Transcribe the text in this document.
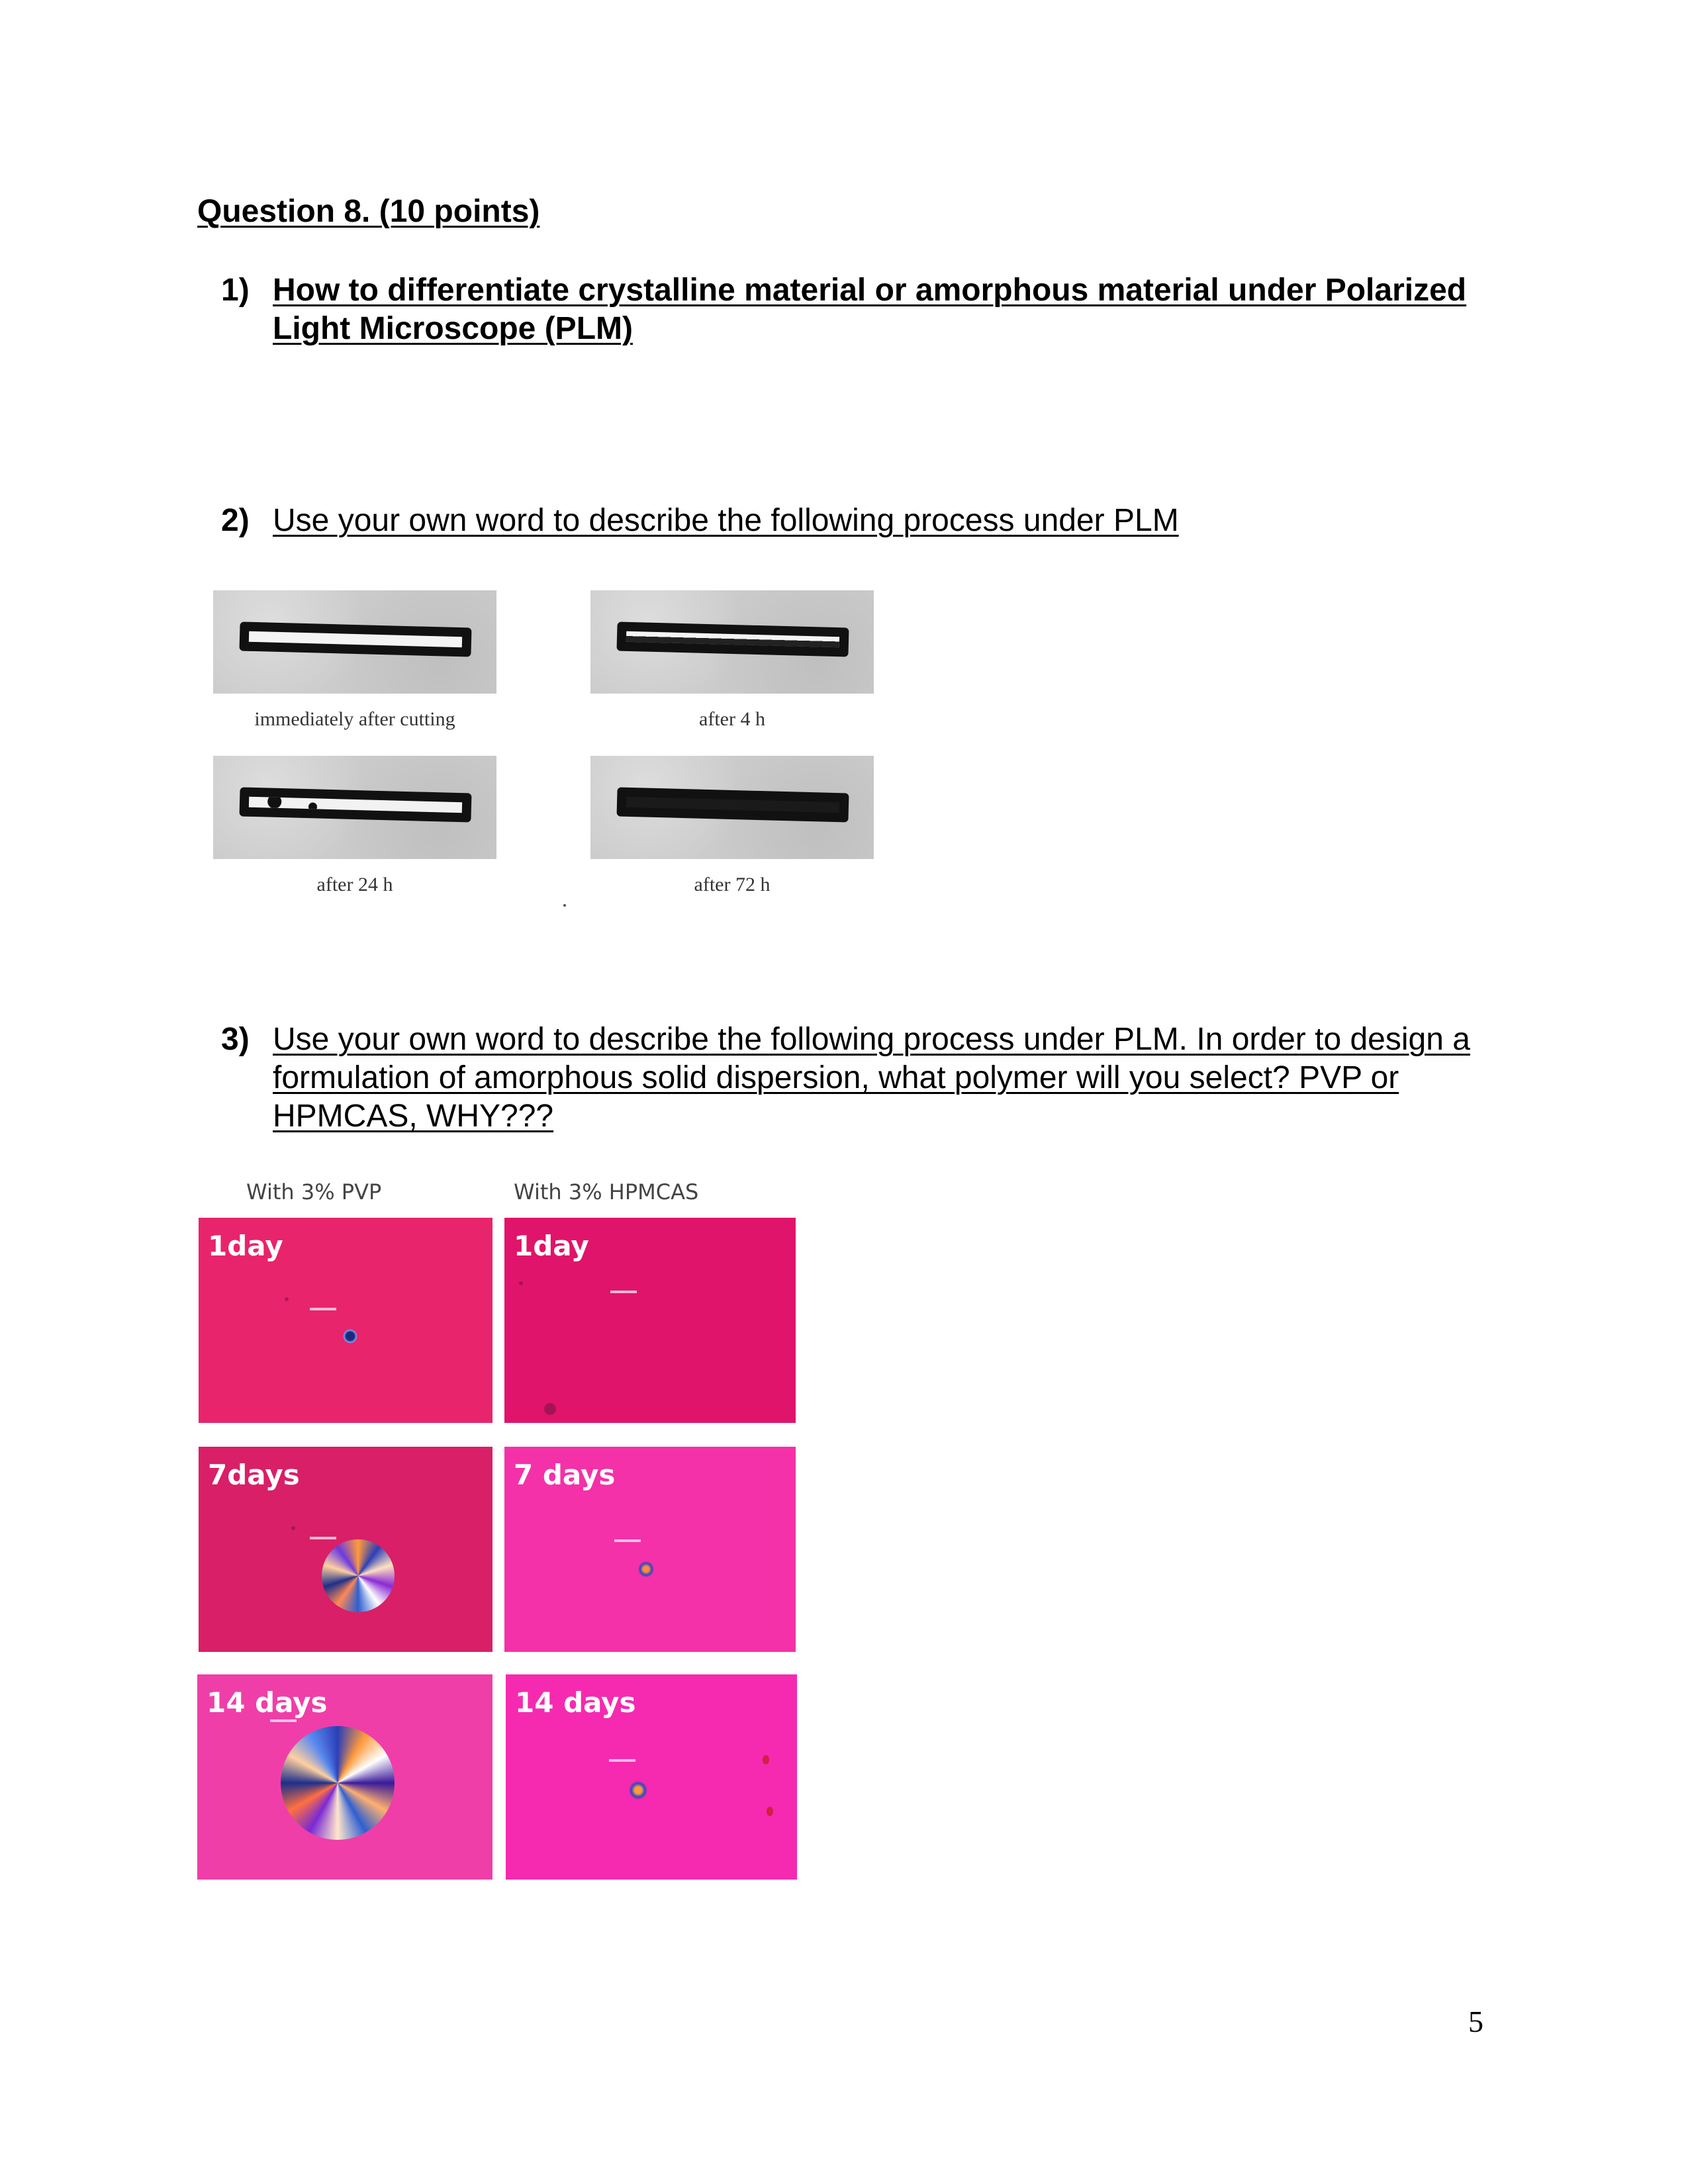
Question 8. (10 points)
1) How to differentiate crystalline material or amorphous material under Polarized Light Microscope (PLM)
2) Use your own word to describe the following process under PLM
immediately after cutting	after 4 h
after 24 h	after 72 h
3) Use your own word to describe the following process under PLM. In order to design a formulation of amorphous solid dispersion, what polymer will you select? PVP or HPMCAS, WHY???
With 3% PVP	With 3% HPMCAS
1day	1day
7days	7 days
14 days	14 days
5
